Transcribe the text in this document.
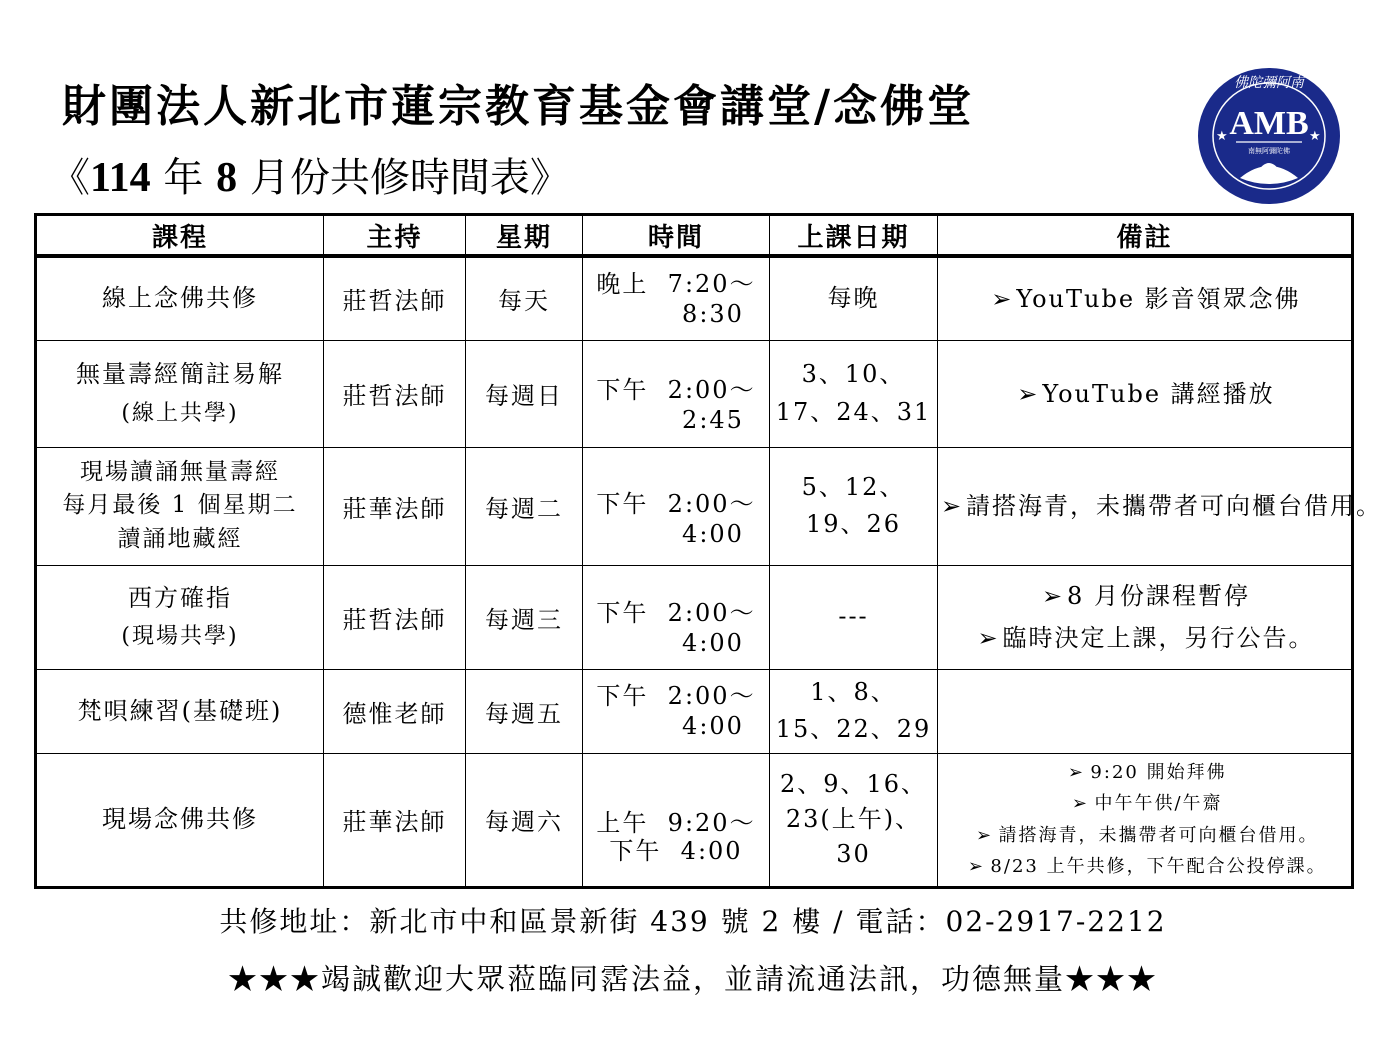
財團法人新北市蓮宗教育基金會講堂/念佛堂
《114 年 8 月份共修時間表》
佛陀彌阿南
AMB
南無阿彌陀佛
★	★
課程	主持	星期	時間	上課日期	備註
線上念佛共修	莊哲法師	每天	晚上  7:20～
8:30	每晚	➢ YouTube 影音領眾念佛

無量壽經簡註易解
(線上共學)	莊哲法師	每週日	下午  2:00～
2:45	3、10、
17、24、31	➢ YouTube 講經播放

現場讀誦無量壽經
每月最後 1 個星期二
讀誦地藏經	莊華法師	每週二	下午  2:00～
4:00	5、12、
19、26	➢ 請搭海青，未攜帶者可向櫃台借用。

西方確指
(現場共學)	莊哲法師	每週三	下午  2:00～
4:00	---	➢ 8 月份課程暫停
➢ 臨時決定上課，另行公告。

梵唄練習(基礎班)	德惟老師	每週五	下午  2:00～
4:00	1、8、
15、22、29	
現場念佛共修	莊華法師	每週六	上午  9:20～
下午  4:00	2、9、16、
23(上午)、
30	➢ 9:20 開始拜佛
➢ 中午午供/午齋
➢ 請搭海青，未攜帶者可向櫃台借用。
➢ 8/23 上午共修，下午配合公投停課。
共修地址：新北市中和區景新街 439 號 2 樓 / 電話：02-2917-2212
★★★竭誠歡迎大眾蒞臨同霑法益，並請流通法訊，功德無量★★★
